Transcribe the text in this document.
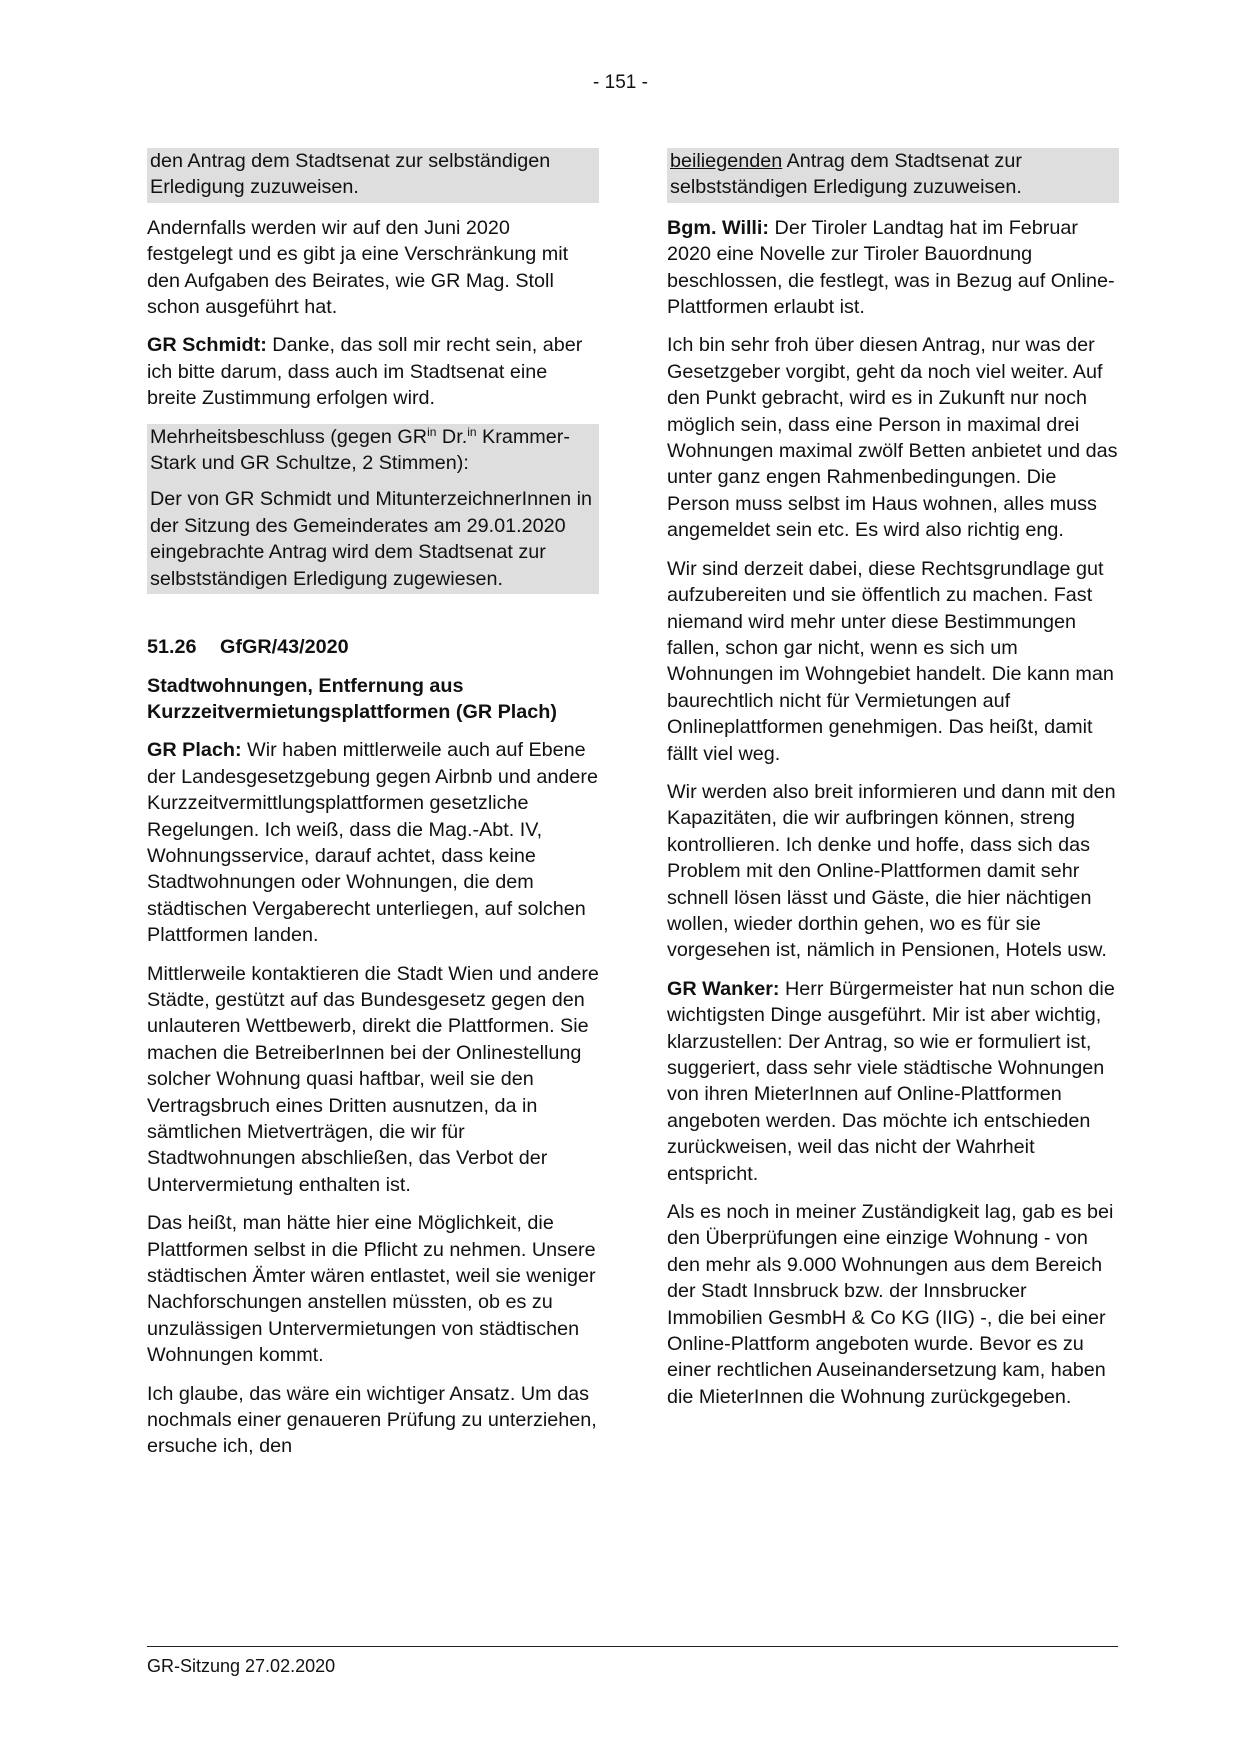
- 151 -

den Antrag dem Stadtsenat zur selbständigen Erledigung zuzuweisen.

Andernfalls werden wir auf den Juni 2020 festgelegt und es gibt ja eine Verschränkung mit den Aufgaben des Beirates, wie GR Mag. Stoll schon ausgeführt hat.

GR Schmidt: Danke, das soll mir recht sein, aber ich bitte darum, dass auch im Stadtsenat eine breite Zustimmung erfolgen wird.

Mehrheitsbeschluss (gegen $GR^{in}$ Dr.$^{in}$ Krammer-Stark und GR Schultze, 2 Stimmen):

Der von GR Schmidt und MitunterzeichnerInnen in der Sitzung des Gemeinderates am 29.01.2020 eingebrachte Antrag wird dem Stadtsenat zur selbstständigen Erledigung zugewiesen.

51.26 GfGR/43/2020

Stadtwohnungen, Entfernung aus Kurzzeitvermietungsplattformen (GR Plach)

GR Plach: Wir haben mittlerweile auch auf Ebene der Landesgesetzgebung gegen Airbnb und andere Kurzzeitvermittlungsplattformen gesetzliche Regelungen. Ich weiß, dass die Mag.-Abt. IV, Wohnungsservice, darauf achtet, dass keine Stadtwohnungen oder Wohnungen, die dem städtischen Vergaberecht unterliegen, auf solchen Plattformen landen.

Mittlerweile kontaktieren die Stadt Wien und andere Städte, gestützt auf das Bundesgesetz gegen den unlauteren Wettbewerb, direkt die Plattformen. Sie machen die BetreiberInnen bei der Onlinestellung solcher Wohnung quasi haftbar, weil sie den Vertragsbruch eines Dritten ausnutzen, da in sämtlichen Mietverträgen, die wir für Stadtwohnungen abschließen, das Verbot der Untervermietung enthalten ist.

Das heißt, man hätte hier eine Möglichkeit, die Plattformen selbst in die Pflicht zu nehmen. Unsere städtischen Ämter wären entlastet, weil sie weniger Nachforschungen anstellen müssten, ob es zu unzulässigen Untervermietungen von städtischen Wohnungen kommt.

Ich glaube, das wäre ein wichtiger Ansatz. Um das nochmals einer genaueren Prüfung zu unterziehen, ersuche ich, den

beiliegenden Antrag dem Stadtsenat zur selbstständigen Erledigung zuzuweisen.

Bgm. Willi: Der Tiroler Landtag hat im Februar 2020 eine Novelle zur Tiroler Bauordnung beschlossen, die festlegt, was in Bezug auf Online-Plattformen erlaubt ist.

Ich bin sehr froh über diesen Antrag, nur was der Gesetzgeber vorgibt, geht da noch viel weiter. Auf den Punkt gebracht, wird es in Zukunft nur noch möglich sein, dass eine Person in maximal drei Wohnungen maximal zwölf Betten anbietet und das unter ganz engen Rahmenbedingungen. Die Person muss selbst im Haus wohnen, alles muss angemeldet sein etc. Es wird also richtig eng.

Wir sind derzeit dabei, diese Rechtsgrundlage gut aufzubereiten und sie öffentlich zu machen. Fast niemand wird mehr unter diese Bestimmungen fallen, schon gar nicht, wenn es sich um Wohnungen im Wohngebiet handelt. Die kann man baurechtlich nicht für Vermietungen auf Onlineplattformen genehmigen. Das heißt, damit fällt viel weg.

Wir werden also breit informieren und dann mit den Kapazitäten, die wir aufbringen können, streng kontrollieren. Ich denke und hoffe, dass sich das Problem mit den Online-Plattformen damit sehr schnell lösen lässt und Gäste, die hier nächtigen wollen, wieder dorthin gehen, wo es für sie vorgesehen ist, nämlich in Pensionen, Hotels usw.

GR Wanker: Herr Bürgermeister hat nun schon die wichtigsten Dinge ausgeführt. Mir ist aber wichtig, klarzustellen: Der Antrag, so wie er formuliert ist, suggeriert, dass sehr viele städtische Wohnungen von ihren MieterInnen auf Online-Plattformen angeboten werden. Das möchte ich entschieden zurückweisen, weil das nicht der Wahrheit entspricht.

Als es noch in meiner Zuständigkeit lag, gab es bei den Überprüfungen eine einzige Wohnung - von den mehr als 9.000 Wohnungen aus dem Bereich der Stadt Innsbruck bzw. der Innsbrucker Immobilien GesmbH & Co KG (IIG) -, die bei einer Online-Plattform angeboten wurde. Bevor es zu einer rechtlichen Auseinandersetzung kam, haben die MieterInnen die Wohnung zurückgegeben.

GR-Sitzung 27.02.2020
